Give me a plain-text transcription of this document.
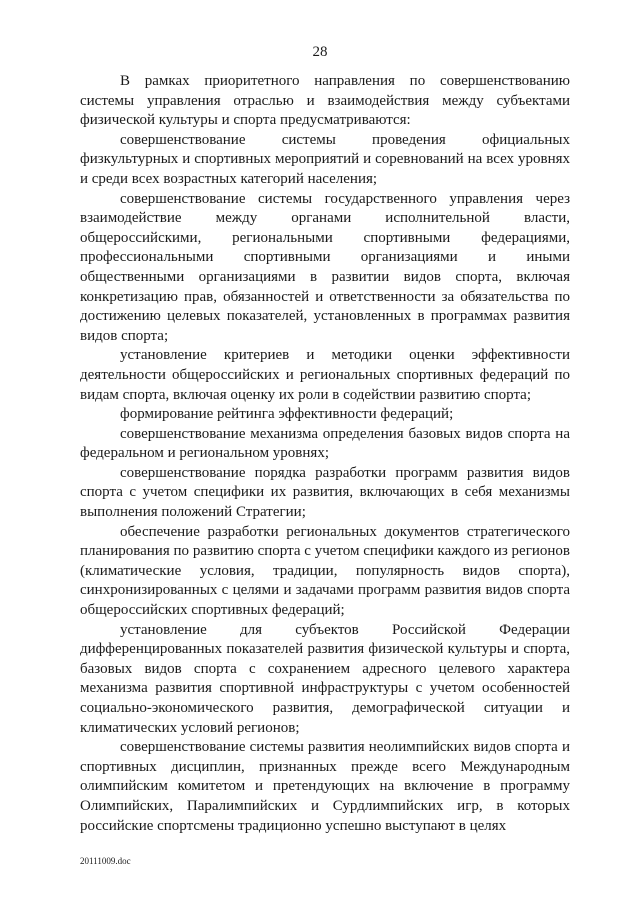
28

В рамках приоритетного направления по совершенствованию системы управления отраслью и взаимодействия между субъектами физической культуры и спорта предусматриваются:

совершенствование системы проведения официальных физкультурных и спортивных мероприятий и соревнований на всех уровнях и среди всех возрастных категорий населения;

совершенствование системы государственного управления через взаимодействие между органами исполнительной власти, общероссийскими, региональными спортивными федерациями, профессиональными спортивными организациями и иными общественными организациями в развитии видов спорта, включая конкретизацию прав, обязанностей и ответственности за обязательства по достижению целевых показателей, установленных в программах развития видов спорта;

установление критериев и методики оценки эффективности деятельности общероссийских и региональных спортивных федераций по видам спорта, включая оценку их роли в содействии развитию спорта;

формирование рейтинга эффективности федераций;

совершенствование механизма определения базовых видов спорта на федеральном и региональном уровнях;

совершенствование порядка разработки программ развития видов спорта с учетом специфики их развития, включающих в себя механизмы выполнения положений Стратегии;

обеспечение разработки региональных документов стратегического планирования по развитию спорта с учетом специфики каждого из регионов (климатические условия, традиции, популярность видов спорта), синхронизированных с целями и задачами программ развития видов спорта общероссийских спортивных федераций;

установление для субъектов Российской Федерации дифференцированных показателей развития физической культуры и спорта, базовых видов спорта с сохранением адресного целевого характера механизма развития спортивной инфраструктуры с учетом особенностей социально-экономического развития, демографической ситуации и климатических условий регионов;

совершенствование системы развития неолимпийских видов спорта и спортивных дисциплин, признанных прежде всего Международным олимпийским комитетом и претендующих на включение в программу Олимпийских, Паралимпийских и Сурдлимпийских игр, в которых российские спортсмены традиционно успешно выступают в целях

20111009.doc
